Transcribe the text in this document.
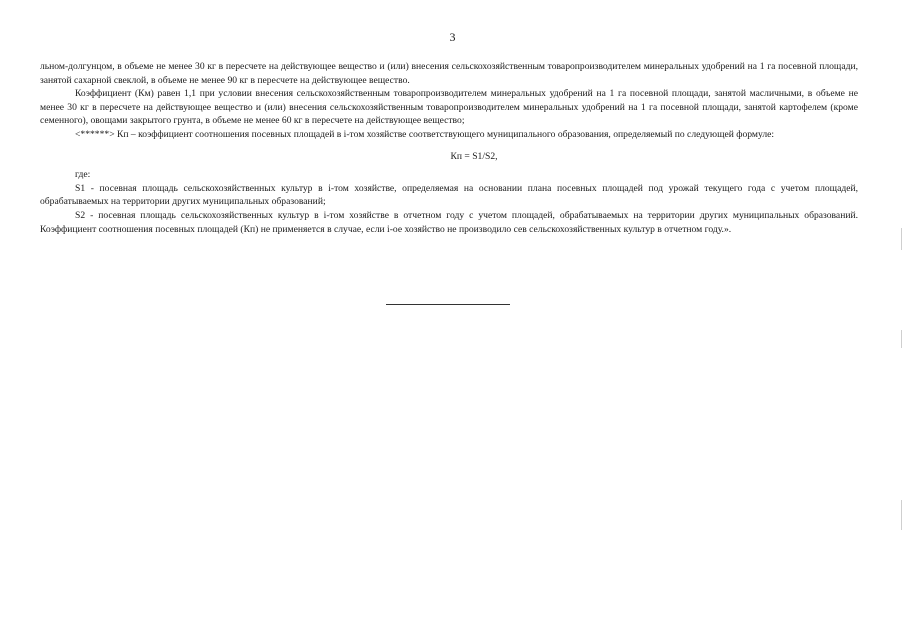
3

льном-долгунцом, в объеме не менее 30 кг в пересчете на действующее вещество и (или) внесения сельскохозяйственным товаропроизводителем минеральных удобрений на 1 га посевной площади, занятой сахарной свеклой, в объеме не менее 90 кг в пересчете на действующее вещество.

Коэффициент (Км) равен 1,1 при условии внесения сельскохозяйственным товаропроизводителем минеральных удобрений на 1 га посевной площади, занятой масличными, в объеме не менее 30 кг в пересчете на действующее вещество и (или) внесения сельскохозяйственным товаропроизводителем минеральных удобрений на 1 га посевной площади, занятой картофелем (кроме семенного), овощами закрытого грунта, в объеме не менее 60 кг в пересчете на действующее вещество;

<******> Кп – коэффициент соотношения посевных площадей в i-том хозяйстве соответствующего муниципального образования, определяемый по следующей формуле:

Кп = S1/S2,

где:

S1 - посевная площадь сельскохозяйственных культур в i-том хозяйстве, определяемая на основании плана посевных площадей под урожай текущего года с учетом площадей, обрабатываемых на территории других муниципальных образований;

S2 - посевная площадь сельскохозяйственных культур в i-том хозяйстве в отчетном году с учетом площадей, обрабатываемых на территории других муниципальных образований. Коэффициент соотношения посевных площадей (Кп) не применяется в случае, если i-ое хозяйство не производило сев сельскохозяйственных культур в отчетном году.».
